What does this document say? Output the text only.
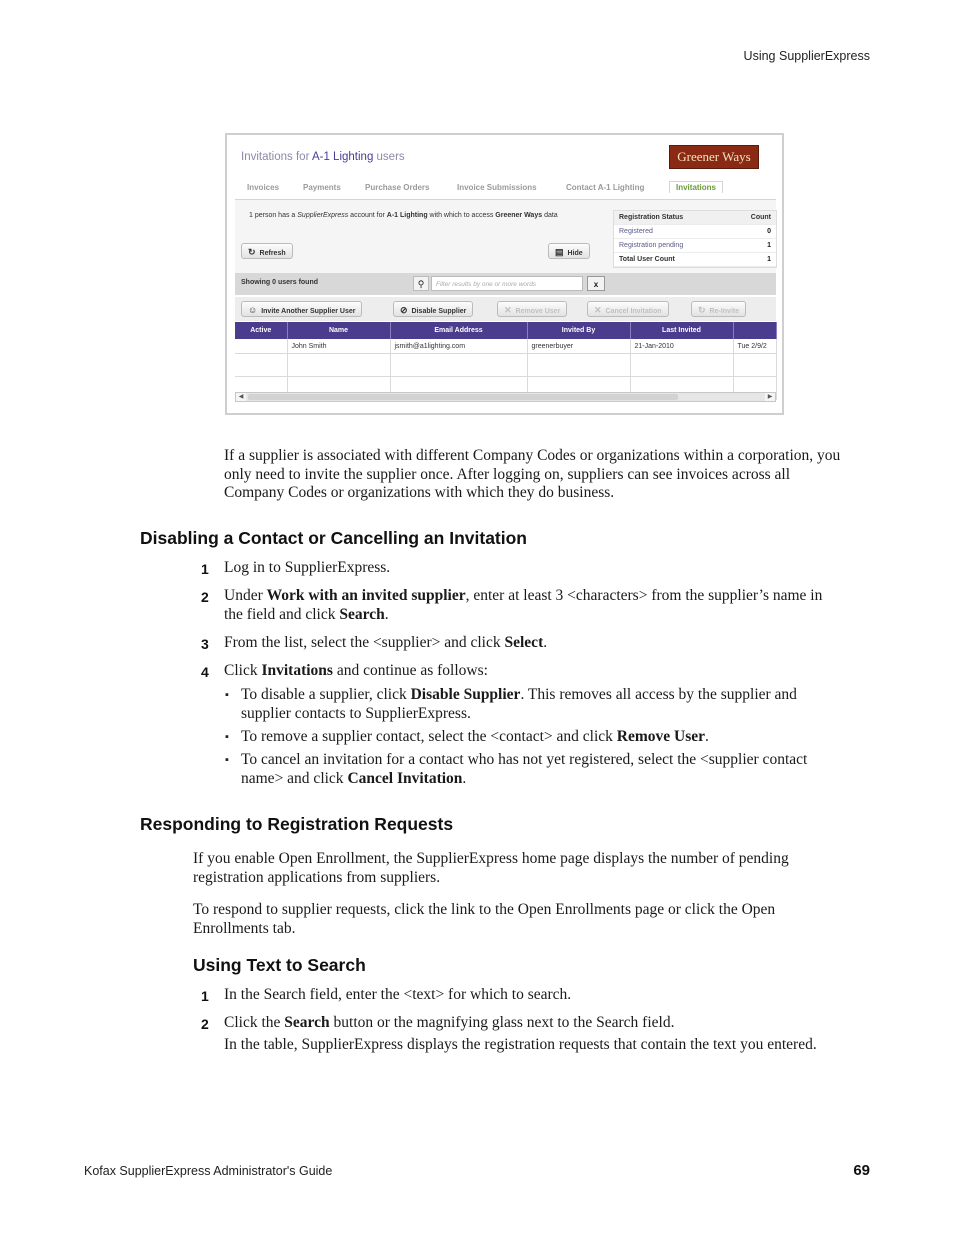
Using SupplierExpress
Invitations for A-1 Lighting users	Greener Ways
Invoices	Payments	Purchase Orders	Invoice Submissions	Contact A-1 Lighting	Invitations
1 person has a SupplierExpress account for A-1 Lighting with which to access Greener Ways data
↻ Refresh	▤ Hide
Registration Status	Count
Registered	0
Registration pending	1
Total User Count	1
Showing 0 users found	⚲	Filter results by one or more words	x
☺ Invite Another Supplier User	⊘ Disable Supplier	✕ Remove User	✕ Cancel Invitation	↻ Re-Invite
Active	Name	Email Address	Invited By	Last Invited	
	John Smith	jsmith@a1lighting.com	greenerbuyer	21-Jan-2010	Tue 2/9/2

◀	▶
If a supplier is associated with different Company Codes or organizations within a corporation, you only need to invite the supplier once. After logging on, suppliers can see invoices across all Company Codes or organizations with which they do business.
Disabling a Contact or Cancelling an Invitation
1 Log in to SupplierExpress.
2 Under Work with an invited supplier, enter at least 3 <characters> from the supplier’s name in the field and click Search.
3 From the list, select the <supplier> and click Select.
4 Click Invitations and continue as follows:
▪ To disable a supplier, click Disable Supplier. This removes all access by the supplier and supplier contacts to SupplierExpress.
▪ To remove a supplier contact, select the <contact> and click Remove User.
▪ To cancel an invitation for a contact who has not yet registered, select the <supplier contact name> and click Cancel Invitation.
Responding to Registration Requests
If you enable Open Enrollment, the SupplierExpress home page displays the number of pending registration applications from suppliers.
To respond to supplier requests, click the link to the Open Enrollments page or click the Open Enrollments tab.
Using Text to Search
1 In the Search field, enter the <text> for which to search.
2 Click the Search button or the magnifying glass next to the Search field.
In the table, SupplierExpress displays the registration requests that contain the text you entered.
Kofax SupplierExpress Administrator's Guide	69
